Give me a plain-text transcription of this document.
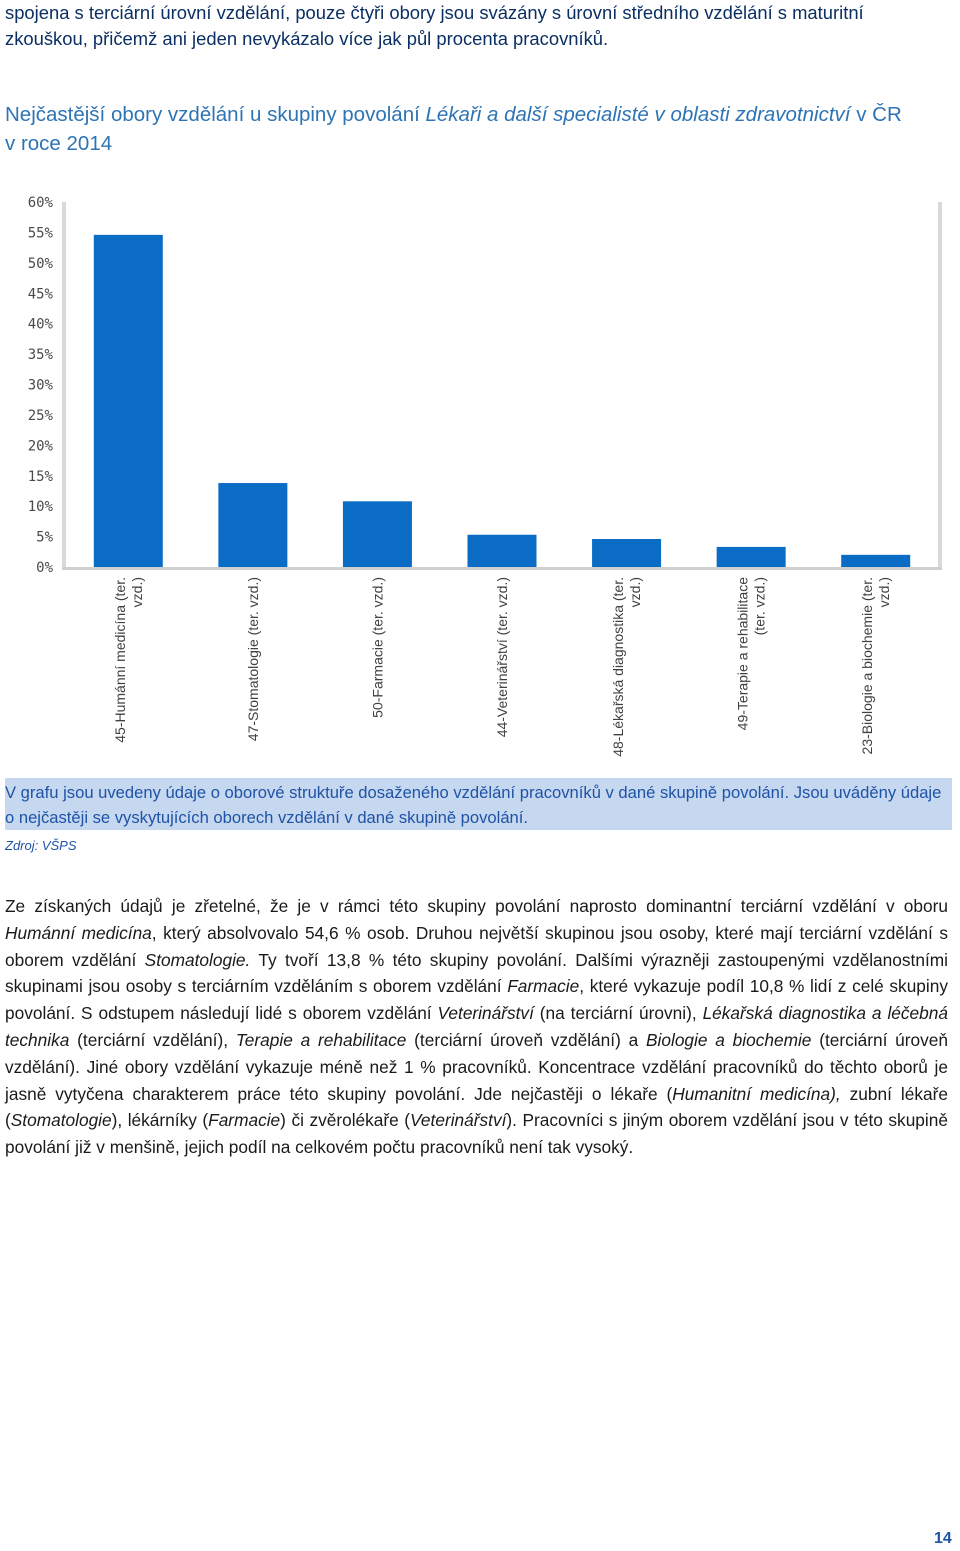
spojena s terciární úrovní vzdělání, pouze čtyři obory jsou svázány s úrovní středního vzdělání s maturitní
zkouškou, přičemž ani jeden nevykázalo více jak půl procenta pracovníků.
Nejčastější obory vzdělání u skupiny povolání Lékaři a další specialisté v oblasti zdravotnictví v ČR
v roce 2014
0%
5%
10%
15%
20%
25%
30%
35%
40%
45%
50%
55%
60%
45-Humánní medicína (ter.vzd.)	47-Stomatologie (ter. vzd.)	50-Farmacie (ter. vzd.)	44-Veterinářství (ter. vzd.)	48-Lékařská diagnostika (ter.vzd.)	49-Terapie a rehabilitace(ter. vzd.)	23-Biologie a biochemie (ter.vzd.)
V grafu jsou uvedeny údaje o oborové struktuře dosaženého vzdělání pracovníků v dané skupině povolání. Jsou uváděny údaje o nejčastěji se vyskytujících oborech vzdělání v dané skupině povolání.
Zdroj: VŠPS
Ze získaných údajů je zřetelné, že je v rámci této skupiny povolání naprosto dominantní terciární vzdělání v oboru Humánní medicína, který absolvovalo 54,6 % osob. Druhou největší skupinou jsou osoby, které mají terciární vzdělání s oborem vzdělání Stomatologie. Ty tvoří 13,8 % této skupiny povolání. Dalšími výrazněji zastoupenými vzdělanostními skupinami jsou osoby s terciárním vzděláním s oborem vzdělání Farmacie, které vykazuje podíl 10,8 % lidí z celé skupiny povolání. S odstupem následují lidé s oborem vzdělání Veterinářství (na terciární úrovni), Lékařská diagnostika a léčebná technika (terciární vzdělání), Terapie a rehabilitace (terciární úroveň vzdělání) a Biologie a biochemie (terciární úroveň vzdělání). Jiné obory vzdělání vykazuje méně než 1 % pracovníků. Koncentrace vzdělání pracovníků do těchto oborů je jasně vytyčena charakterem práce této skupiny povolání. Jde nejčastěji o lékaře (Humanitní medicína), zubní lékaře (Stomatologie), lékárníky (Farmacie) či zvěrolékaře (Veterinářství). Pracovníci s jiným oborem vzdělání jsou v této skupině povolání již v menšině, jejich podíl na celkovém počtu pracovníků není tak vysoký.
14
